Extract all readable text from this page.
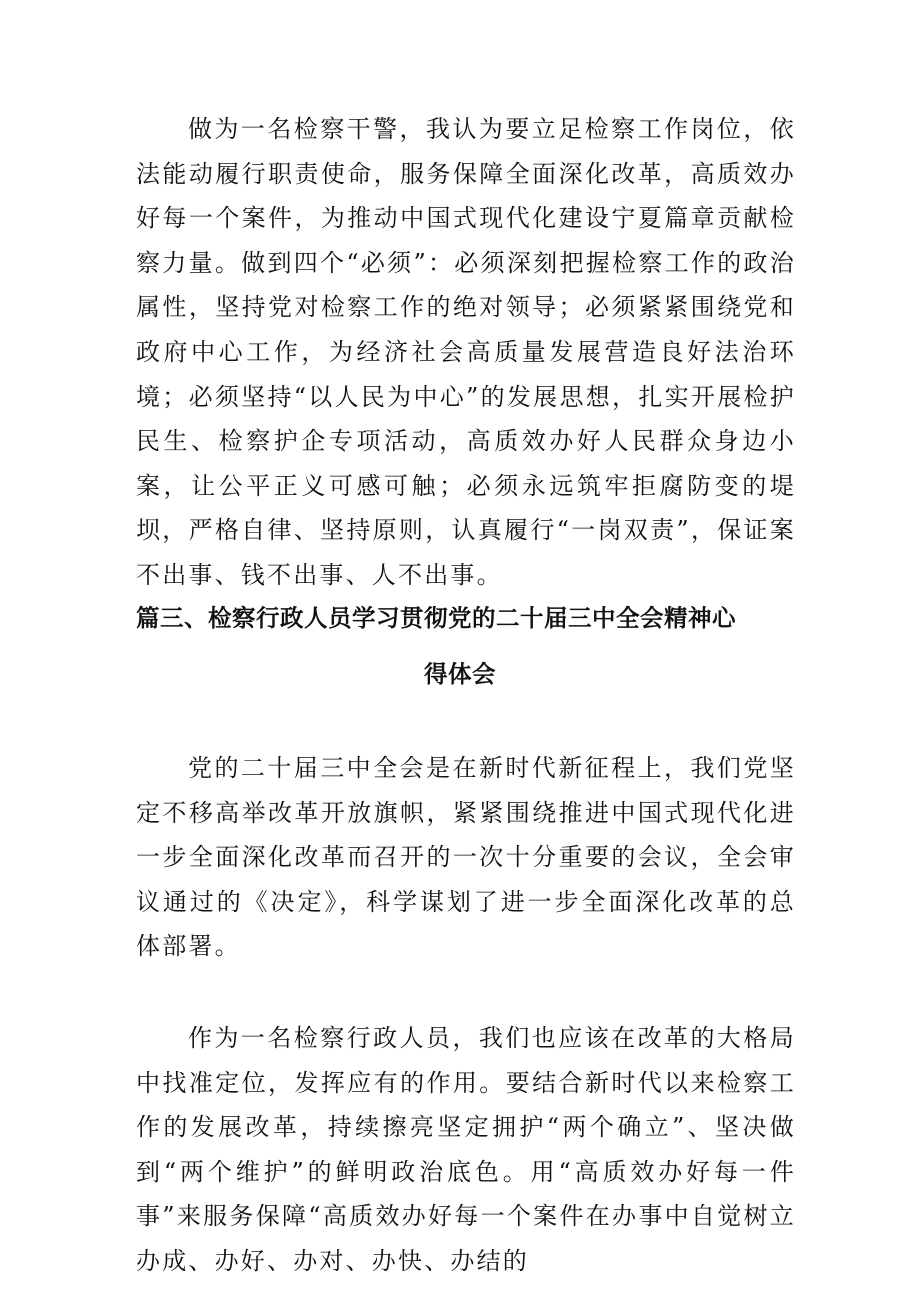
做为一名检察干警，我认为要立足检察工作岗位，依法能动履行职责使命，服务保障全面深化改革，高质效办好每一个案件，为推动中国式现代化建设宁夏篇章贡献检察力量。做到四个“必须”：必须深刻把握检察工作的政治属性，坚持党对检察工作的绝对领导；必须紧紧围绕党和政府中心工作，为经济社会高质量发展营造良好法治环境；必须坚持“以人民为中心”的发展思想，扎实开展检护民生、检察护企专项活动，高质效办好人民群众身边小案，让公平正义可感可触；必须永远筑牢拒腐防变的堤坝，严格自律、坚持原则，认真履行“一岗双责”，保证案不出事、钱不出事、人不出事。

篇三、检察行政人员学习贯彻党的二十届三中全会精神心
得体会

党的二十届三中全会是在新时代新征程上，我们党坚定不移高举改革开放旗帜，紧紧围绕推进中国式现代化进一步全面深化改革而召开的一次十分重要的会议，全会审议通过的《决定》，科学谋划了进一步全面深化改革的总体部署。

作为一名检察行政人员，我们也应该在改革的大格局中找准定位，发挥应有的作用。要结合新时代以来检察工作的发展改革，持续擦亮坚定拥护“两个确立”、坚决做到“两个维护”的鲜明政治底色。用“高质效办好每一件事”来服务保障“高质效办好每一个案件在办事中自觉树立办成、办好、办对、办快、办结的
